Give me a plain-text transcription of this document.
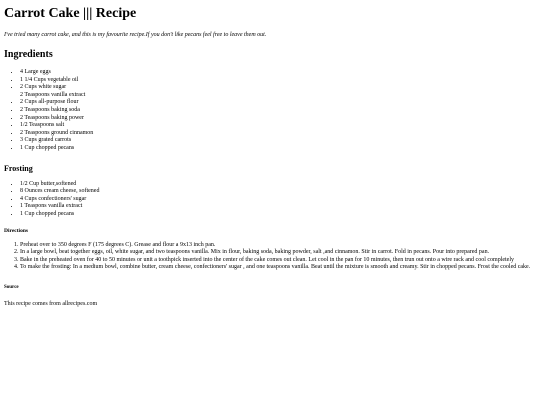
Carrot Cake ||| Recipe

I've tried many carrot cake, and this is my favourite recipe.If you don't like pecans feel free to leave them out.

Ingredients
• 4 Large eggs
• 1 1/4 Cups vegetable oil
• 2 Cups white sugar
2 Teaspoons vanilla extract
• 2 Cups all-purpose flour
• 2 Teaspoons baking soda
• 2 Teaspoons baking power
• 1/2 Teaspoons salt
• 2 Teaspoons ground cinnamon
• 3 Cups grated carrots
• 1 Cup chopped pecans
Frosting
• 1/2 Cup butter,softened
• 8 Ounces cream cheese, softened
• 4 Cups confectioners' sugar
• 1 Teaspons vanilla extract
• 1 Cup chopped pecans
Directions
1. Preheat over to 350 degrees F (175 degrees C). Grease and flour a 9x13 inch pan.
2. In a large bowl, beat together eggs, oil, white sugar, and two teaspoons vanilla. Mix in flour, baking soda, baking powder, salt ,and cinnamon. Stir in carrot. Fold in pecans. Pour into prepared pan.
3. Bake in the preheated oven for 40 to 50 minutes or unit a toothpick inserted into the center of the cake comes out clean. Let cool in the pan for 10 minutes, then trun out onto a wire rack and cool completely
4. To make the frosting: In a medium bowl, combine butter, cream cheese, confectioners' sugar , and one teaspoons vanilla. Beat until the mixture is smooth and creamy. Stir in chopped pecans. Frost the cooled cake.
Source

This recipe comes from allrecipes.com
